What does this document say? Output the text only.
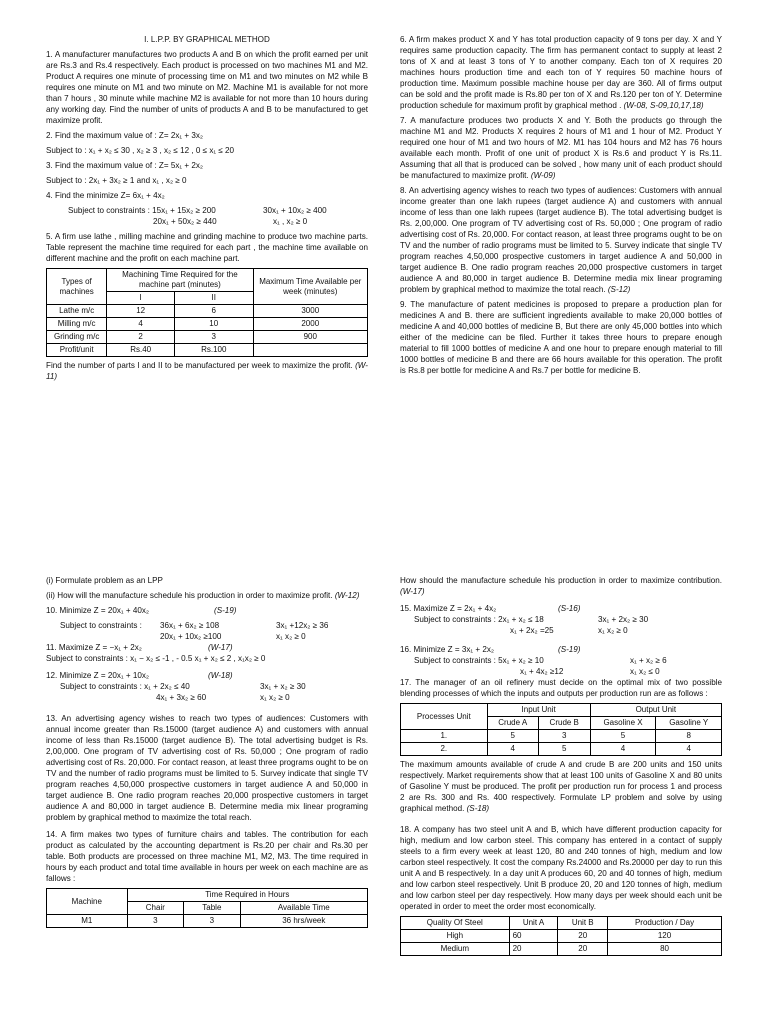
I. L.P.P. BY GRAPHICAL METHOD

1. A manufacturer manufactures two products A and B on which the profit earned per unit are Rs.3 and Rs.4 respectively. Each product is processed on two machines M1 and M2. Product A requires one minute of processing time on M1 and two minutes on M2 while B requires one minute on M1 and two minute on M2. Machine M1 is available for not more than 7 hours , 30 minute while machine M2 is available for not more than 10 hours during any working day. Find the number of units of products A and B to be manufactured to get maximize profit.

2. Find the maximum value of : Z= 2x₁ + 3x₂

Subject to : x₁ + x₂ ≤ 30 , x₂ ≥ 3 , x₂ ≤ 12 , 0 ≤ x₁ ≤ 20

3. Find the maximum value of : Z= 5x₁ + 2x₂

Subject to : 2x₁ + 3x₂ ≥ 1 and x₁ , x₂ ≥ 0

4. Find the minimize Z= 6x₁ + 4x₂

Subject to constraints : 15x₁ + 15x₂ ≥ 200	30x₁ + 10x₂ ≥ 400
20x₁ + 50x₂ ≥ 440	x₁ , x₂ ≥ 0

5. A firm use lathe , milling machine and grinding machine to produce two machine parts. Table represent the machine time required for each part , the machine time available on different machine and the profit on each machine part.

Types of machines	Machining Time Required for the machine part (minutes)		Maximum Time Available per week (minutes)
	I	II	
Lathe m/c	12	6	3000
Milling m/c	4	10	2000
Grinding m/c	2	3	900
Profit/unit	Rs.40	Rs.100	

Find the number of parts I and II to be manufactured per week to maximize the profit. (W-11)

6. A firm makes product X and Y has total production capacity of 9 tons per day. X and Y requires same production capacity. The firm has permanent contact to supply at least 2 tons of X and at least 3 tons of Y to another company. Each ton of X requires 20 machines hours production time and each ton of Y requires 50 machine hours of production time. Maximum possible machine house per day are 360. All of firms output can be sold and the profit made is Rs.80 per ton of X and Rs.120 per ton of Y. Determine production schedule for maximum profit by graphical method . (W-08, S-09,10,17,18)

7. A manufacture produces two products X and Y. Both the products go through the machine M1 and M2. Products X requires 2 hours of M1 and 1 hour of M2. Product Y required one hour of M1 and two hours of M2. M1 has 104 hours and M2 has 76 hours available each month. Profit of one unit of product X is Rs.6 and product Y is Rs.11. Assuming that all that is produced can be solved , how many unit of each product should be manufactured to maximize profit. (W-09)

8. An advertising agency wishes to reach two types of audiences: Customers with annual income greater than one lakh rupees (target audience A) and customers with annual income of less than one lakh rupees (target audience B). The total advertising budget is Rs. 2,00,000. One program of TV advertising cost of Rs. 50,000 ; One program of radio advertising cost of Rs. 20,000. For contact reason, at least three programs ought to be on TV and the number of radio programs must be limited to 5. Survey indicate that single TV program reaches 4,50,000 prospective customers in target audience A and 50,000 in target audience B. One radio program reaches 20,000 prospective customers in target audience A and 80,000 in target audience B. Determine media mix linear programing problem by graphical method to maximize the total reach. (S-12)

9. The manufacture of patent medicines is proposed to prepare a production plan for medicines A and B. there are sufficient ingredients available to make 20,000 bottles of medicine A and 40,000 bottles of medicine B, But there are only 45,000 bottles into which either of the medicine can be filed. Further it takes three hours to prepare enough material to fill 1000 bottles of medicine A and one hour to prepare enough material to fill 1000 bottles of medicine B and there are 66 hours available for this operation. The profit is Rs.8 per bottle for medicine A and Rs.7 per bottle for medicine B.

(i) Formulate problem as an LPP

(ii) How will the manufacture schedule his production in order to maximize profit. (W-12)

10. Minimize Z = 20x₁ + 40x₂	(S-19)
Subject to constraints :	36x₁ + 6x₂ ≥ 108	3x₁ +12x₂ ≥ 36
20x₁ + 10x₂ ≥100	x₁ x₂ ≥ 0
11. Maximize Z = −x₁ + 2x₂	(W-17)

Subject to constraints : x₁ − x₂ ≤ -1 , - 0.5 x₁ + x₂ ≤ 2 , x₁x₂ ≥ 0

12. Minimize Z = 20x₁ + 10x₂	(W-18)
Subject to constraints : x₁ + 2x₂ ≤ 40	3x₁ + x₂ ≥ 30
4x₁ + 3x₂ ≥ 60	x₁ x₂ ≥ 0

13. An advertising agency wishes to reach two types of audiences: Customers with annual income greater than Rs.15000 (target audience A) and customers with annual income of less than Rs.15000 (target audience B). The total advertising budget is Rs. 2,00,000. One program of TV advertising cost of Rs. 50,000 ; One program of radio advertising cost of Rs. 20,000. For contact reason, at least three programs ought to be on TV and the number of radio programs must be limited to 5. Survey indicate that single TV program reaches 4,50,000 prospective customers in target audience A and 50,000 in target audience B. One radio program reaches 20,000 prospective customers in target audience A and 80,000 in target audience B. Determine media mix linear programing problem by graphical method to maximize the total reach.

14. A firm makes two types of furniture chairs and tables. The contribution for each product as calculated by the accounting department is Rs.20 per chair and Rs.30 per table. Both products are processed on three machine M1, M2, M3. The time required in hours by each product and total time available in hours per week on each machine are as fallows :

Machine	Time Required in Hours		
	Chair	Table	Available Time
M1	3	3	36 hrs/week

How should the manufacture schedule his production in order to maximize contribution. (W-17)

15. Maximize Z = 2x₁ + 4x₂	(S-16)
Subject to constraints : 2x₁ + x₂ ≤ 18	3x₁ + 2x₂ ≥ 30
x₁ + 2x₂ =25	x₁ x₂ ≥ 0
16. Minimize Z = 3x₁ + 2x₂	(S-19)
Subject to constraints : 5x₁ + x₂ ≥ 10	x₁ + x₂ ≥ 6
x₁ + 4x₂ ≥12	x₁ x₂ ≤ 0

17. The manager of an oil refinery must decide on the optimal mix of two possible blending processes of which the inputs and outputs per production run are as follows :

Processes Unit	Input Unit		Output Unit	
	Crude A	Crude B	Gasoline X	Gasoline Y
1.	5	3	5	8
2.	4	5	4	4

The maximum amounts available of crude A and crude B are 200 units and 150 units respectively. Market requirements show that at least 100 units of Gasoline X and 80 units of Gasoline Y must be produced. The profit per production run for process 1 and process 2 are Rs. 300 and Rs. 400 respectively. Formulate LP problem and solve by using graphical method. (S-18)

18. A company has two steel unit A and B, which have different production capacity for high, medium and low carbon steel. This company has entered in a contact of supply steels to a firm every week at least 120, 80 and 240 tonnes of high, medium and low carbon steel respectively. It cost the company Rs.24000 and Rs.20000 per day to run this unit A and B respectively. In a day unit A produces 60, 20 and 40 tonnes of high, medium and low carbon steel respectively. Unit B produce 20, 20 and 120 tonnes of high, medium and low carbon steel per day respectively. How many days per week should each unit be operated in order to meet the order most economically.

Quality Of Steel	Unit A	Unit B	Production / Day
High	60	20	120
Medium	20	20	80
